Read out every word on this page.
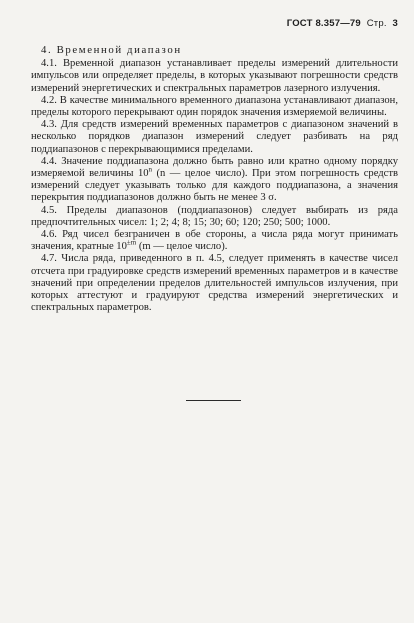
ГОСТ 8.357—79 Стр. 3

4. Временной диапазон

4.1. Временной диапазон устанавливает пределы измерений длительности импульсов или определяет пределы, в которых указывают погрешности средств измерений энергетических и спектральных параметров лазерного излучения.

4.2. В качестве минимального временного диапазона устанавливают диапазон, пределы которого перекрывают один порядок значения измеряемой величины.

4.3. Для средств измерений временных параметров с диапазоном значений в несколько порядков диапазон измерений следует разбивать на ряд поддиапазонов с перекрывающимися пределами.

4.4. Значение поддиапазона должно быть равно или кратно одному порядку измеряемой величины 10$^n$ (n — целое число). При этом погрешность средств измерений следует указывать только для каждого поддиапазона, а значения перекрытия поддиапазонов должно быть не менее 3 σ.

4.5. Пределы диапазонов (поддиапазонов) следует выбирать из ряда предпочтительных чисел: 1; 2; 4; 8; 15; 30; 60; 120; 250; 500; 1000.

4.6. Ряд чисел безграничен в обе стороны, а числа ряда могут принимать значения, кратные $10^{\pm m}$ (m — целое число).

4.7. Числа ряда, приведенного в п. 4.5, следует применять в качестве чисел отсчета при градуировке средств измерений временных параметров и в качестве значений при определении пределов длительностей импульсов излучения, при которых аттестуют и градуируют средства измерений энергетических и спектральных параметров.
